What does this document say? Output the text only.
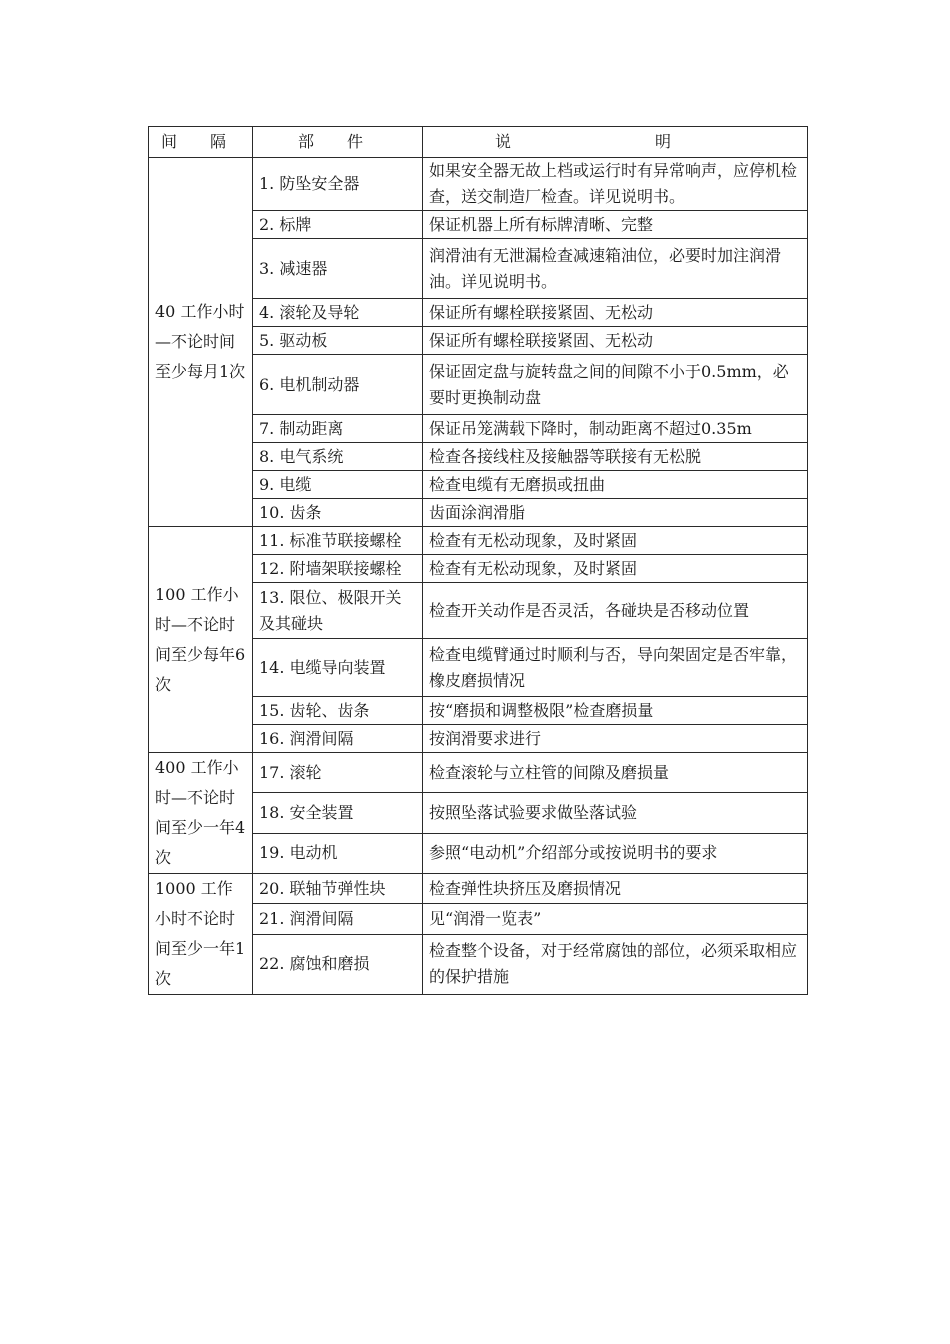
间 隔	部 件	说　明
40 工作小时—不论时间至少每月1次	1. 防坠安全器	如果安全器无故上档或运行时有异常响声，应停机检查，送交制造厂检查。详见说明书。
	2. 标牌	保证机器上所有标牌清晰、完整
	3. 减速器	润滑油有无泄漏检查减速箱油位，必要时加注润滑油。详见说明书。
	4. 滚轮及导轮	保证所有螺栓联接紧固、无松动
	5. 驱动板	保证所有螺栓联接紧固、无松动
	6. 电机制动器	保证固定盘与旋转盘之间的间隙不小于0.5mm，必要时更换制动盘
	7. 制动距离	保证吊笼满载下降时，制动距离不超过0.35m
	8. 电气系统	检查各接线柱及接触器等联接有无松脱
	9. 电缆	检查电缆有无磨损或扭曲
	10. 齿条	齿面涂润滑脂
100 工作小时—不论时间至少每年6次	11. 标准节联接螺栓	检查有无松动现象，及时紧固
	12. 附墙架联接螺栓	检查有无松动现象，及时紧固
	13. 限位、极限开关及其碰块	检查开关动作是否灵活，各碰块是否移动位置
	14. 电缆导向装置	检查电缆臂通过时顺利与否，导向架固定是否牢靠，橡皮磨损情况
	15. 齿轮、齿条	按“磨损和调整极限”检查磨损量
	16. 润滑间隔	按润滑要求进行
400 工作小时—不论时间至少一年4次	17. 滚轮	检查滚轮与立柱管的间隙及磨损量
	18. 安全装置	按照坠落试验要求做坠落试验
	19. 电动机	参照“电动机”介绍部分或按说明书的要求
1000 工作小时不论时间至少一年1次	20. 联轴节弹性块	检查弹性块挤压及磨损情况
	21. 润滑间隔	见“润滑一览表”
	22. 腐蚀和磨损	检查整个设备，对于经常腐蚀的部位，必须采取相应的保护措施
